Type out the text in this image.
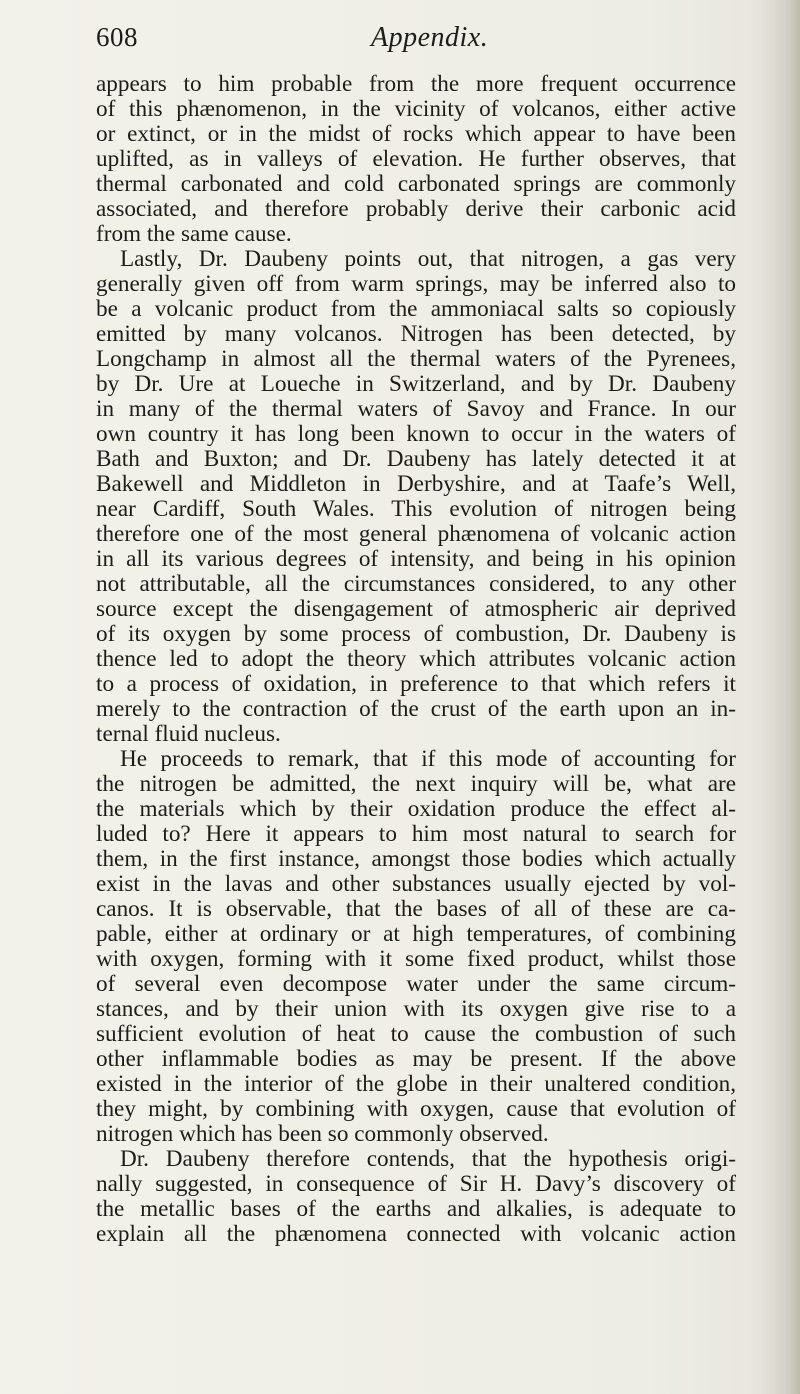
608	Appendix.
appears to him probable from the more frequent occurrence
of this phænomenon, in the vicinity of volcanos, either active
or extinct, or in the midst of rocks which appear to have been
uplifted, as in valleys of elevation. He further observes, that
thermal carbonated and cold carbonated springs are commonly
associated, and therefore probably derive their carbonic acid
from the same cause.
Lastly, Dr. Daubeny points out, that nitrogen, a gas very
generally given off from warm springs, may be inferred also to
be a volcanic product from the ammoniacal salts so copiously
emitted by many volcanos. Nitrogen has been detected, by
Longchamp in almost all the thermal waters of the Pyrenees,
by Dr. Ure at Loueche in Switzerland, and by Dr. Daubeny
in many of the thermal waters of Savoy and France. In our
own country it has long been known to occur in the waters of
Bath and Buxton; and Dr. Daubeny has lately detected it at
Bakewell and Middleton in Derbyshire, and at Taafe’s Well,
near Cardiff, South Wales. This evolution of nitrogen being
therefore one of the most general phænomena of volcanic action
in all its various degrees of intensity, and being in his opinion
not attributable, all the circumstances considered, to any other
source except the disengagement of atmospheric air deprived
of its oxygen by some process of combustion, Dr. Daubeny is
thence led to adopt the theory which attributes volcanic action
to a process of oxidation, in preference to that which refers it
merely to the contraction of the crust of the earth upon an in-
ternal fluid nucleus.
He proceeds to remark, that if this mode of accounting for
the nitrogen be admitted, the next inquiry will be, what are
the materials which by their oxidation produce the effect al-
luded to? Here it appears to him most natural to search for
them, in the first instance, amongst those bodies which actually
exist in the lavas and other substances usually ejected by vol-
canos. It is observable, that the bases of all of these are ca-
pable, either at ordinary or at high temperatures, of combining
with oxygen, forming with it some fixed product, whilst those
of several even decompose water under the same circum-
stances, and by their union with its oxygen give rise to a
sufficient evolution of heat to cause the combustion of such
other inflammable bodies as may be present. If the above
existed in the interior of the globe in their unaltered condition,
they might, by combining with oxygen, cause that evolution of
nitrogen which has been so commonly observed.
Dr. Daubeny therefore contends, that the hypothesis origi-
nally suggested, in consequence of Sir H. Davy’s discovery of
the metallic bases of the earths and alkalies, is adequate to
explain all the phænomena connected with volcanic action
